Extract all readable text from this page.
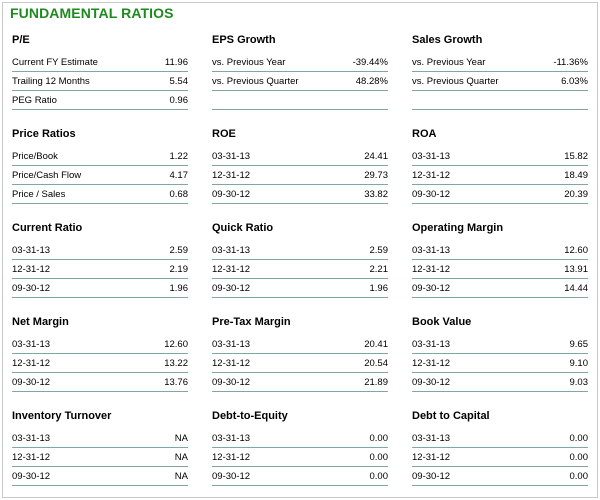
FUNDAMENTAL RATIOS
P/E
Current FY Estimate	11.96
Trailing 12 Months	5.54
PEG Ratio	0.96
EPS Growth
vs. Previous Year	-39.44%
vs. Previous Quarter	48.28%
Sales Growth
vs. Previous Year	-11.36%
vs. Previous Quarter	6.03%
Price Ratios
Price/Book	1.22
Price/Cash Flow	4.17
Price / Sales	0.68
ROE
03-31-13	24.41
12-31-12	29.73
09-30-12	33.82
ROA
03-31-13	15.82
12-31-12	18.49
09-30-12	20.39
Current Ratio
03-31-13	2.59
12-31-12	2.19
09-30-12	1.96
Quick Ratio
03-31-13	2.59
12-31-12	2.21
09-30-12	1.96
Operating Margin
03-31-13	12.60
12-31-12	13.91
09-30-12	14.44
Net Margin
03-31-13	12.60
12-31-12	13.22
09-30-12	13.76
Pre-Tax Margin
03-31-13	20.41
12-31-12	20.54
09-30-12	21.89
Book Value
03-31-13	9.65
12-31-12	9.10
09-30-12	9.03
Inventory Turnover
03-31-13	NA
12-31-12	NA
09-30-12	NA
Debt-to-Equity
03-31-13	0.00
12-31-12	0.00
09-30-12	0.00
Debt to Capital
03-31-13	0.00
12-31-12	0.00
09-30-12	0.00
